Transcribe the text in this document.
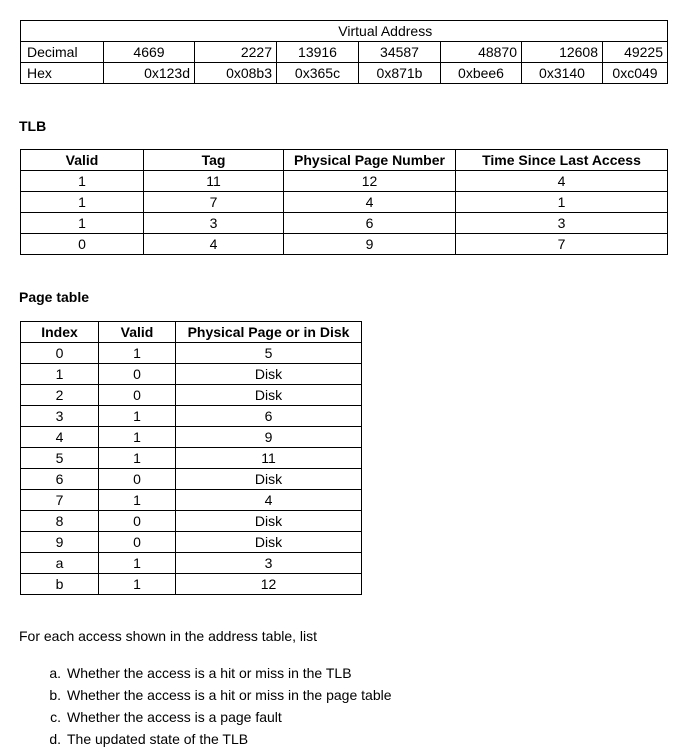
	Virtual Address						
Decimal	4669	2227	13916	34587	48870	12608	49225
Hex	0x123d	0x08b3	0x365c	0x871b	0xbee6	0x3140	0xc049
TLB
Valid	Tag	Physical Page Number	Time Since Last Access
1	11	12	4
1	7	4	1
1	3	6	3
0	4	9	7
Page table
Index	Valid	Physical Page or in Disk
0	1	5
1	0	Disk
2	0	Disk
3	1	6
4	1	9
5	1	11
6	0	Disk
7	1	4
8	0	Disk
9	0	Disk
a	1	3
b	1	12
For each access shown in the address table, list
a. Whether the access is a hit or miss in the TLB
b. Whether the access is a hit or miss in the page table
c. Whether the access is a page fault
d. The updated state of the TLB
